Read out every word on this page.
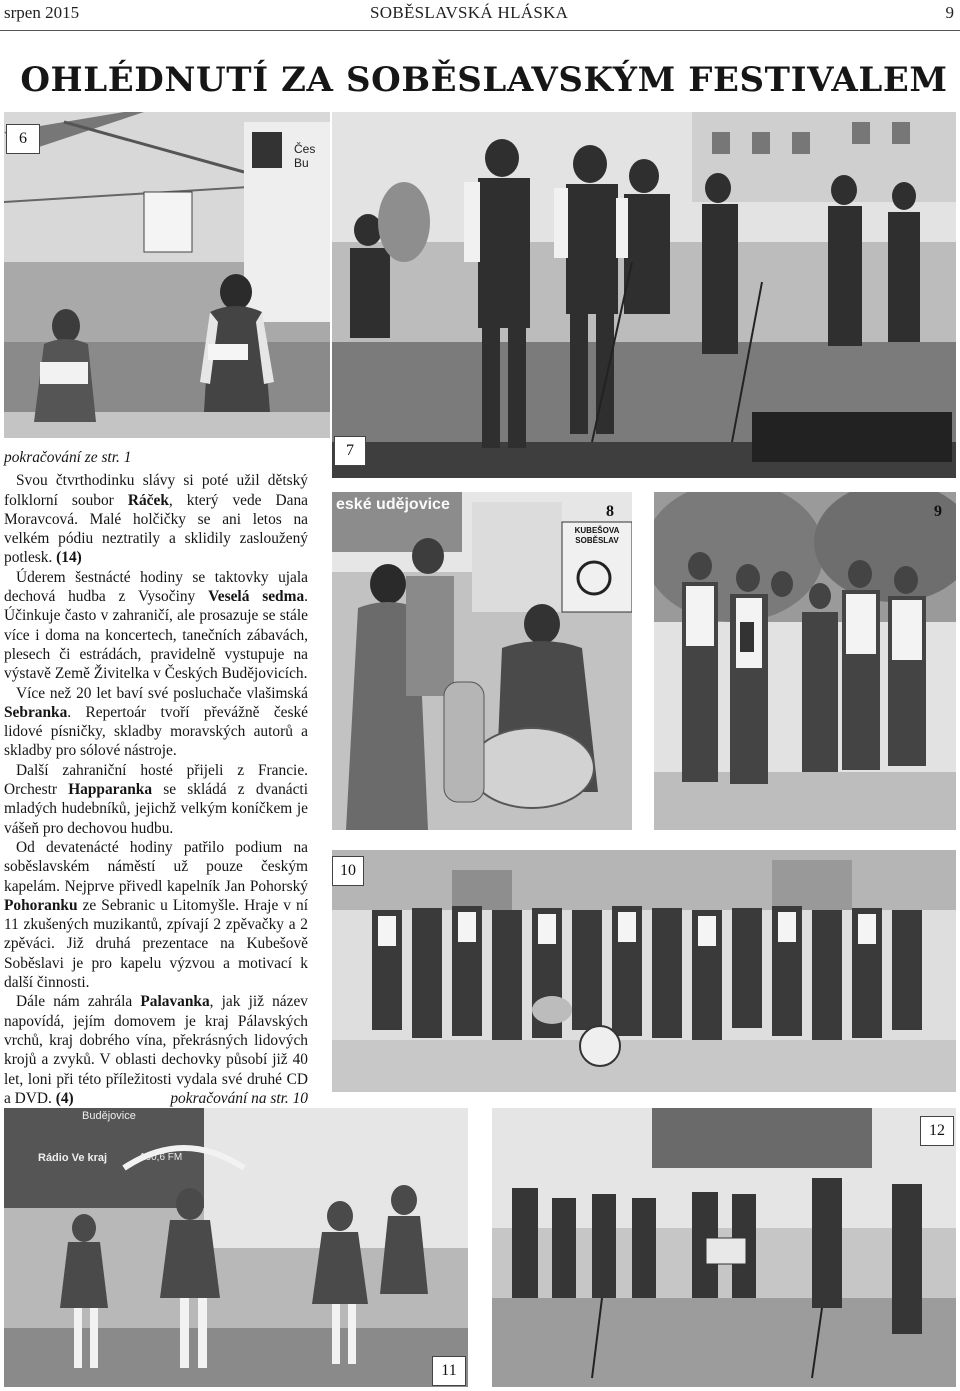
srpen 2015	SOBĚSLAVSKÁ HLÁSKA	9
OHLÉDNUTÍ ZA SOBĚSLAVSKÝM FESTIVALEM
Čes Bu
6
7
eské udějovice
KUBEŠOVA SOBĚSLAV
8	9
10
Budějovice
Rádio Ve kraj	100,6 FM
11
12

pokračování ze str. 1

Svou čtvrthodinku slávy si poté užil dětský folklorní soubor Ráček, který vede Dana Moravcová. Malé holčičky se ani letos na velkém pódiu neztratily a sklidily zasloužený potlesk. (14)

Úderem šestnácté hodiny se taktovky ujala dechová hudba z Vysočiny Veselá sedma. Účinkuje často v zahraničí, ale prosazuje se stále více i doma na koncertech, tanečních zábavách, plesech či estrádách, pravidelně vystupuje na výstavě Země Živitelka v Českých Budějovicích.

Více než 20 let baví své posluchače vlašimská Sebranka. Repertoár tvoří převážně české lidové písničky, skladby moravských autorů a skladby pro sólové nástroje.

Další zahraniční hosté přijeli z Francie. Orchestr Happaranka se skládá z dvanácti mladých hudebníků, jejichž velkým koníčkem je vášeň pro dechovou hudbu.

Od devatenácté hodiny patřilo podium na soběslavském náměstí už pouze českým kapelám. Nejprve přivedl kapelník Jan Pohorský Pohoranku ze Sebranic u Litomyšle. Hraje v ní 11 zkušených muzikantů, zpívají 2 zpěvačky a 2 zpěváci. Již druhá prezentace na Kubešově Soběslavi je pro kapelu výzvou a motivací k další činnosti.

Dále nám zahrála Palavanka, jak již název napovídá, jejím domovem je kraj Pálavských vrchů, kraj dobrého vína, překrásných lidových krojů a zvyků. V oblasti dechovky působí již 40 let, loni při této příležitosti vydala své druhé CD a DVD. (4)	pokračování na str. 10
